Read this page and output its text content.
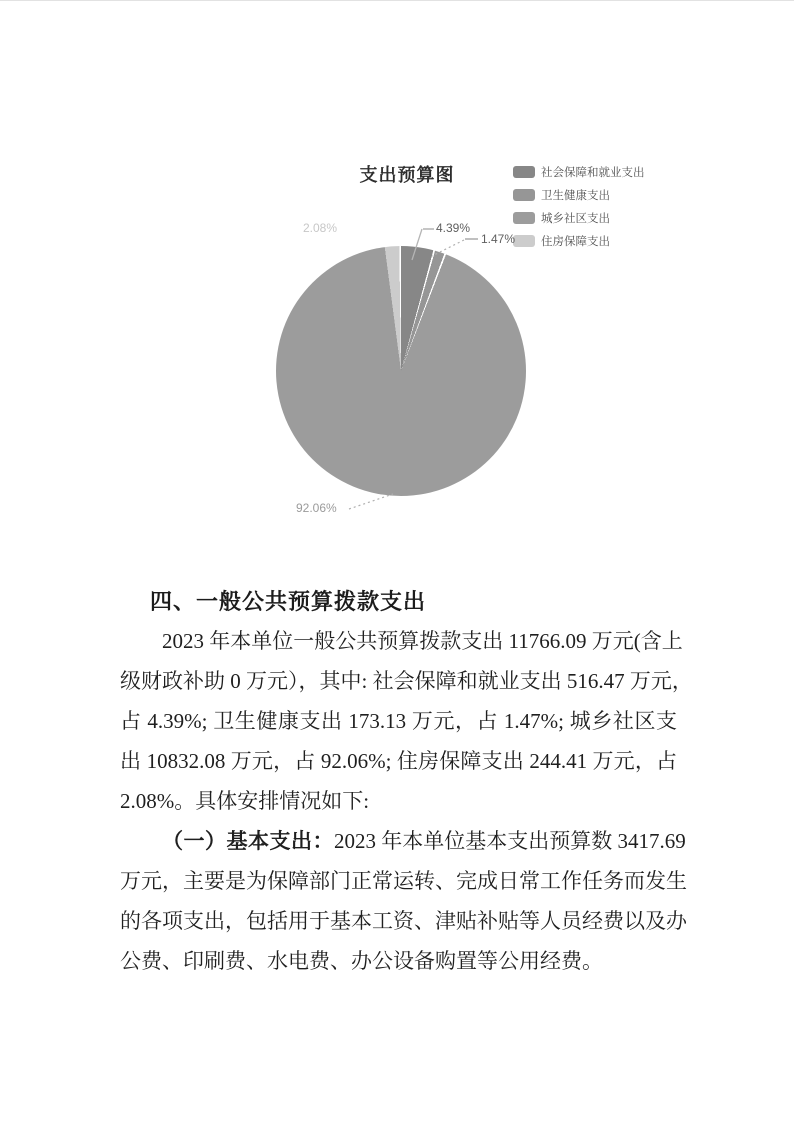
支出预算图	社会保障和就业支出
卫生健康支出
城乡社区支出
住房保障支出
4.39%
1.47%
92.06%
2.08%
四、一般公共预算拨款支出
2023 年本单位一般公共预算拨款支出 11766.09 万元(含上
级财政补助 0 万元），其中: 社会保障和就业支出 516.47 万元，
占 4.39%; 卫生健康支出 173.13 万元，占 1.47%; 城乡社区支
出 10832.08 万元，占 92.06%; 住房保障支出 244.41 万元，占
2.08%。具体安排情况如下:
（一）基本支出：2023 年本单位基本支出预算数 3417.69
万元，主要是为保障部门正常运转、完成日常工作任务而发生
的各项支出，包括用于基本工资、津贴补贴等人员经费以及办
公费、印刷费、水电费、办公设备购置等公用经费。
